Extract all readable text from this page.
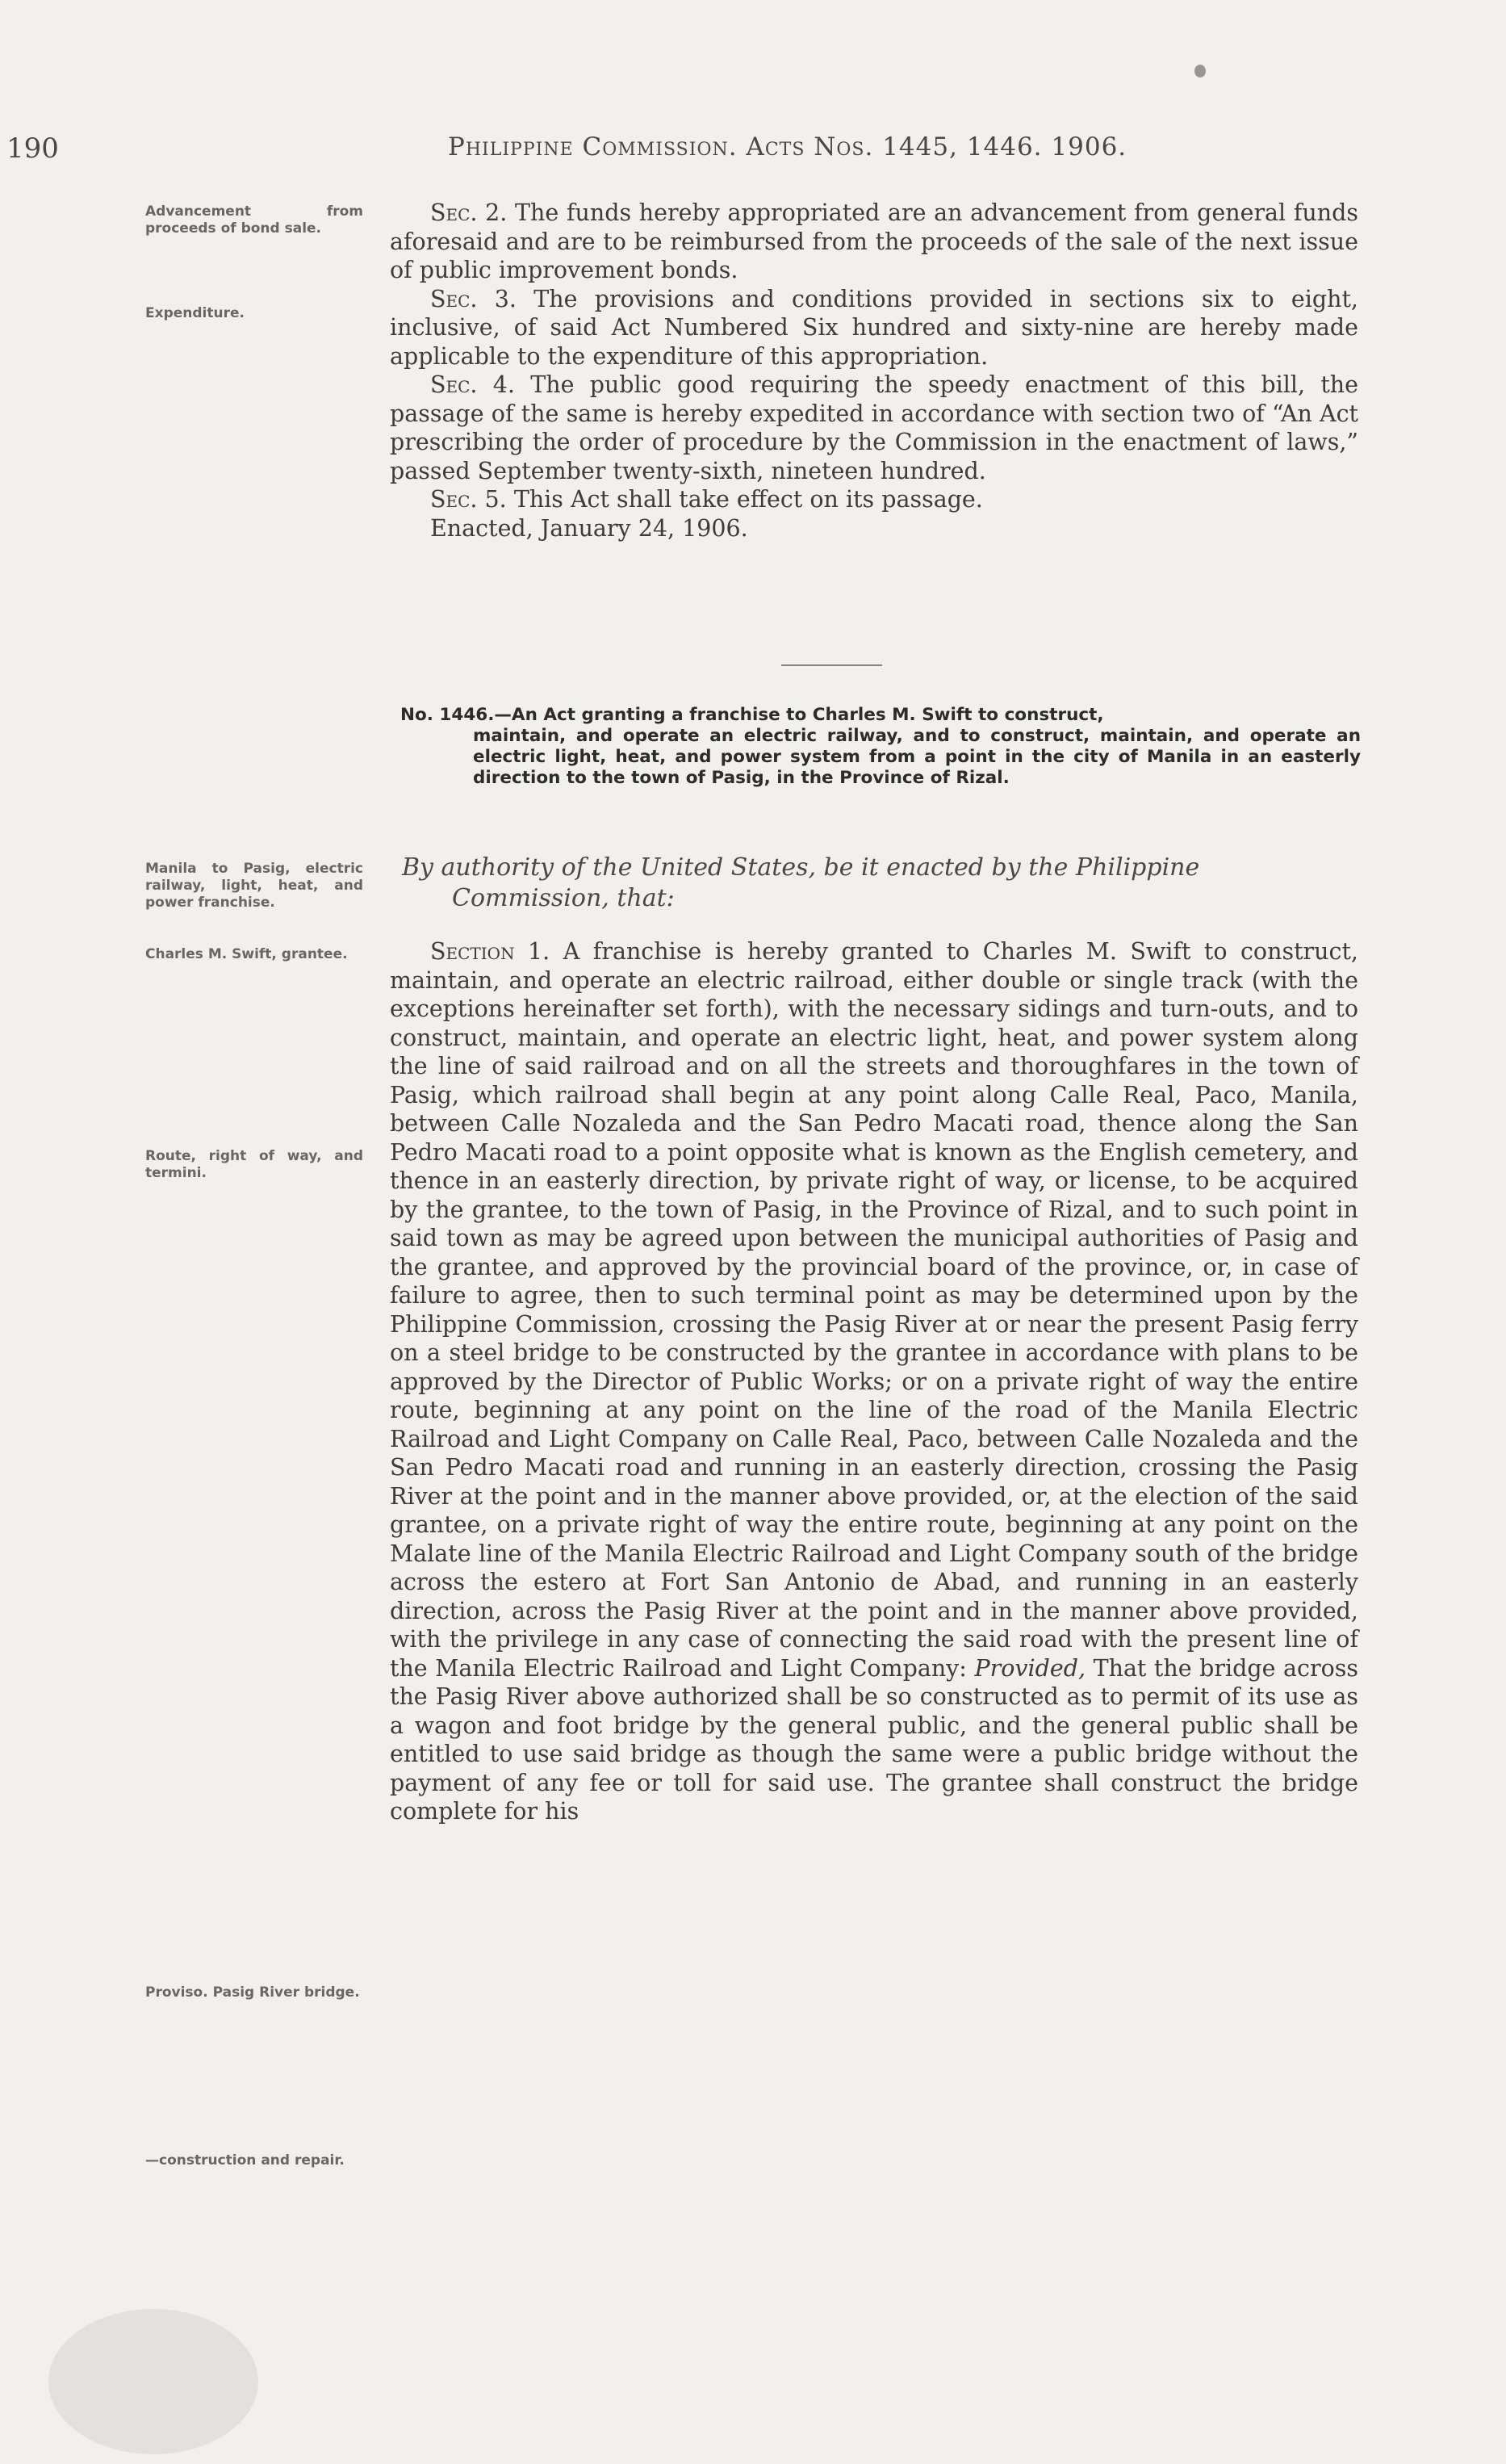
190	Philippine Commission. Acts Nos. 1445, 1446. 1906.
Advancement from proceeds of bond sale.
Expenditure.
Manila to Pasig, electric railway, light, heat, and power franchise.
Charles M. Swift, grantee.
Route, right of way, and termini.
Proviso. Pasig River bridge.
—construction and repair.

Sec. 2. The funds hereby appropriated are an advancement from general funds aforesaid and are to be reimbursed from the proceeds of the sale of the next issue of public improvement bonds.

Sec. 3. The provisions and conditions provided in sections six to eight, inclusive, of said Act Numbered Six hundred and sixty-nine are hereby made applicable to the expenditure of this appropriation.

Sec. 4. The public good requiring the speedy enactment of this bill, the passage of the same is hereby expedited in accordance with section two of “An Act prescribing the order of procedure by the Commission in the enactment of laws,” passed September twenty-sixth, nineteen hundred.

Sec. 5. This Act shall take effect on its passage.

Enacted, January 24, 1906.

No. 1446.—An Act granting a franchise to Charles M. Swift to construct,
maintain, and operate an electric railway, and to construct, maintain, and operate an electric light, heat, and power system from a point in the city of Manila in an easterly direction to the town of Pasig, in the Province of Rizal.
By authority of the United States, be it enacted by the Philippine
Commission, that:

Section 1. A franchise is hereby granted to Charles M. Swift to construct, maintain, and operate an electric railroad, either double or single track (with the exceptions hereinafter set forth), with the necessary sidings and turn-outs, and to construct, maintain, and operate an electric light, heat, and power system along the line of said railroad and on all the streets and thoroughfares in the town of Pasig, which railroad shall begin at any point along Calle Real, Paco, Manila, between Calle Nozaleda and the San Pedro Macati road, thence along the San Pedro Macati road to a point opposite what is known as the English cemetery, and thence in an easterly direction, by private right of way, or license, to be acquired by the grantee, to the town of Pasig, in the Province of Rizal, and to such point in said town as may be agreed upon between the municipal authorities of Pasig and the grantee, and approved by the provincial board of the province, or, in case of failure to agree, then to such terminal point as may be determined upon by the Philippine Commission, crossing the Pasig River at or near the present Pasig ferry on a steel bridge to be constructed by the grantee in accordance with plans to be approved by the Director of Public Works; or on a private right of way the entire route, beginning at any point on the line of the road of the Manila Electric Railroad and Light Company on Calle Real, Paco, between Calle Nozaleda and the San Pedro Macati road and running in an easterly direction, crossing the Pasig River at the point and in the manner above provided, or, at the election of the said grantee, on a private right of way the entire route, beginning at any point on the Malate line of the Manila Electric Railroad and Light Company south of the bridge across the estero at Fort San Antonio de Abad, and running in an easterly direction, across the Pasig River at the point and in the manner above provided, with the privilege in any case of connecting the said road with the present line of the Manila Electric Railroad and Light Company: Provided, That the bridge across the Pasig River above authorized shall be so constructed as to permit of its use as a wagon and foot bridge by the general public, and the general public shall be entitled to use said bridge as though the same were a public bridge without the payment of any fee or toll for said use. The grantee shall construct the bridge complete for his
